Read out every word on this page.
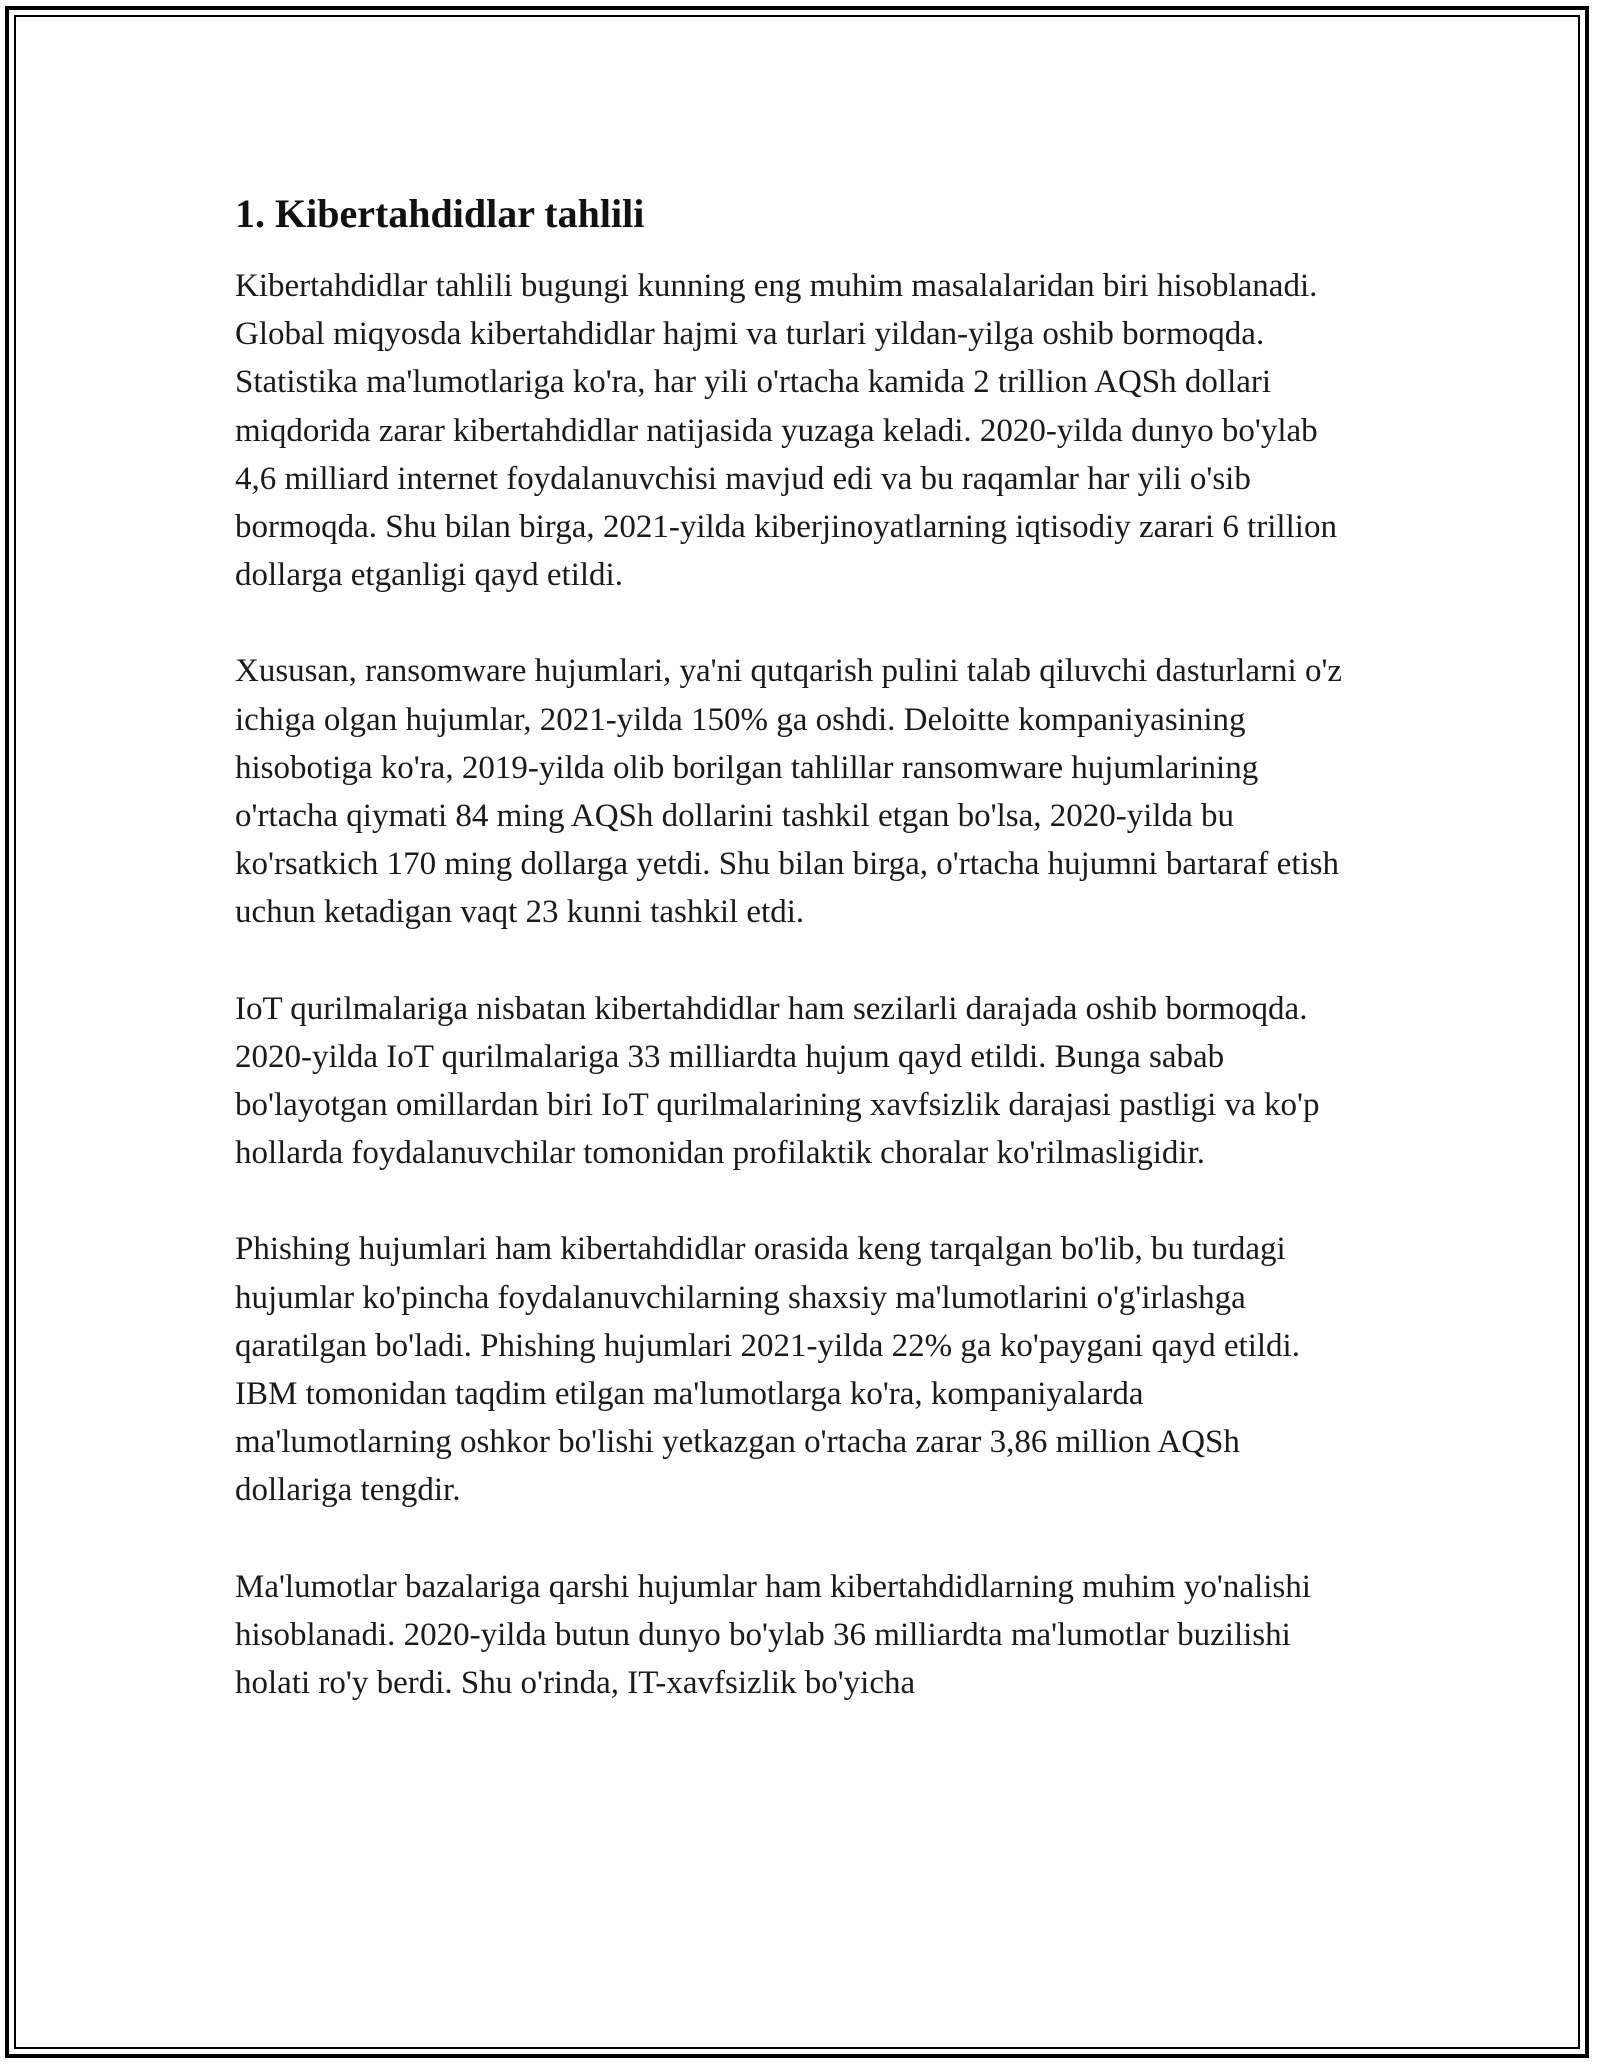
1. Kibertahdidlar tahlili

Kibertahdidlar tahlili bugungi kunning eng muhim masalalaridan biri hisoblanadi. Global miqyosda kibertahdidlar hajmi va turlari yildan-yilga oshib bormoqda. Statistika ma'lumotlariga ko'ra, har yili o'rtacha kamida 2 trillion AQSh dollari miqdorida zarar kibertahdidlar natijasida yuzaga keladi. 2020-yilda dunyo bo'ylab 4,6 milliard internet foydalanuvchisi mavjud edi va bu raqamlar har yili o'sib bormoqda. Shu bilan birga, 2021-yilda kiberjinoyatlarning iqtisodiy zarari 6 trillion dollarga etganligi qayd etildi.

Xususan, ransomware hujumlari, ya'ni qutqarish pulini talab qiluvchi dasturlarni o'z ichiga olgan hujumlar, 2021-yilda 150% ga oshdi. Deloitte kompaniyasining hisobotiga ko'ra, 2019-yilda olib borilgan tahlillar ransomware hujumlarining o'rtacha qiymati 84 ming AQSh dollarini tashkil etgan bo'lsa, 2020-yilda bu ko'rsatkich 170 ming dollarga yetdi. Shu bilan birga, o'rtacha hujumni bartaraf etish uchun ketadigan vaqt 23 kunni tashkil etdi.

IoT qurilmalariga nisbatan kibertahdidlar ham sezilarli darajada oshib bormoqda. 2020-yilda IoT qurilmalariga 33 milliardta hujum qayd etildi. Bunga sabab bo'layotgan omillardan biri IoT qurilmalarining xavfsizlik darajasi pastligi va ko'p hollarda foydalanuvchilar tomonidan profilaktik choralar ko'rilmasligidir.

Phishing hujumlari ham kibertahdidlar orasida keng tarqalgan bo'lib, bu turdagi hujumlar ko'pincha foydalanuvchilarning shaxsiy ma'lumotlarini o'g'irlashga qaratilgan bo'ladi. Phishing hujumlari 2021-yilda 22% ga ko'paygani qayd etildi. IBM tomonidan taqdim etilgan ma'lumotlarga ko'ra, kompaniyalarda ma'lumotlarning oshkor bo'lishi yetkazgan o'rtacha zarar 3,86 million AQSh dollariga tengdir.

Ma'lumotlar bazalariga qarshi hujumlar ham kibertahdidlarning muhim yo'nalishi hisoblanadi. 2020-yilda butun dunyo bo'ylab 36 milliardta ma'lumotlar buzilishi holati ro'y berdi. Shu o'rinda, IT-xavfsizlik bo'yicha
